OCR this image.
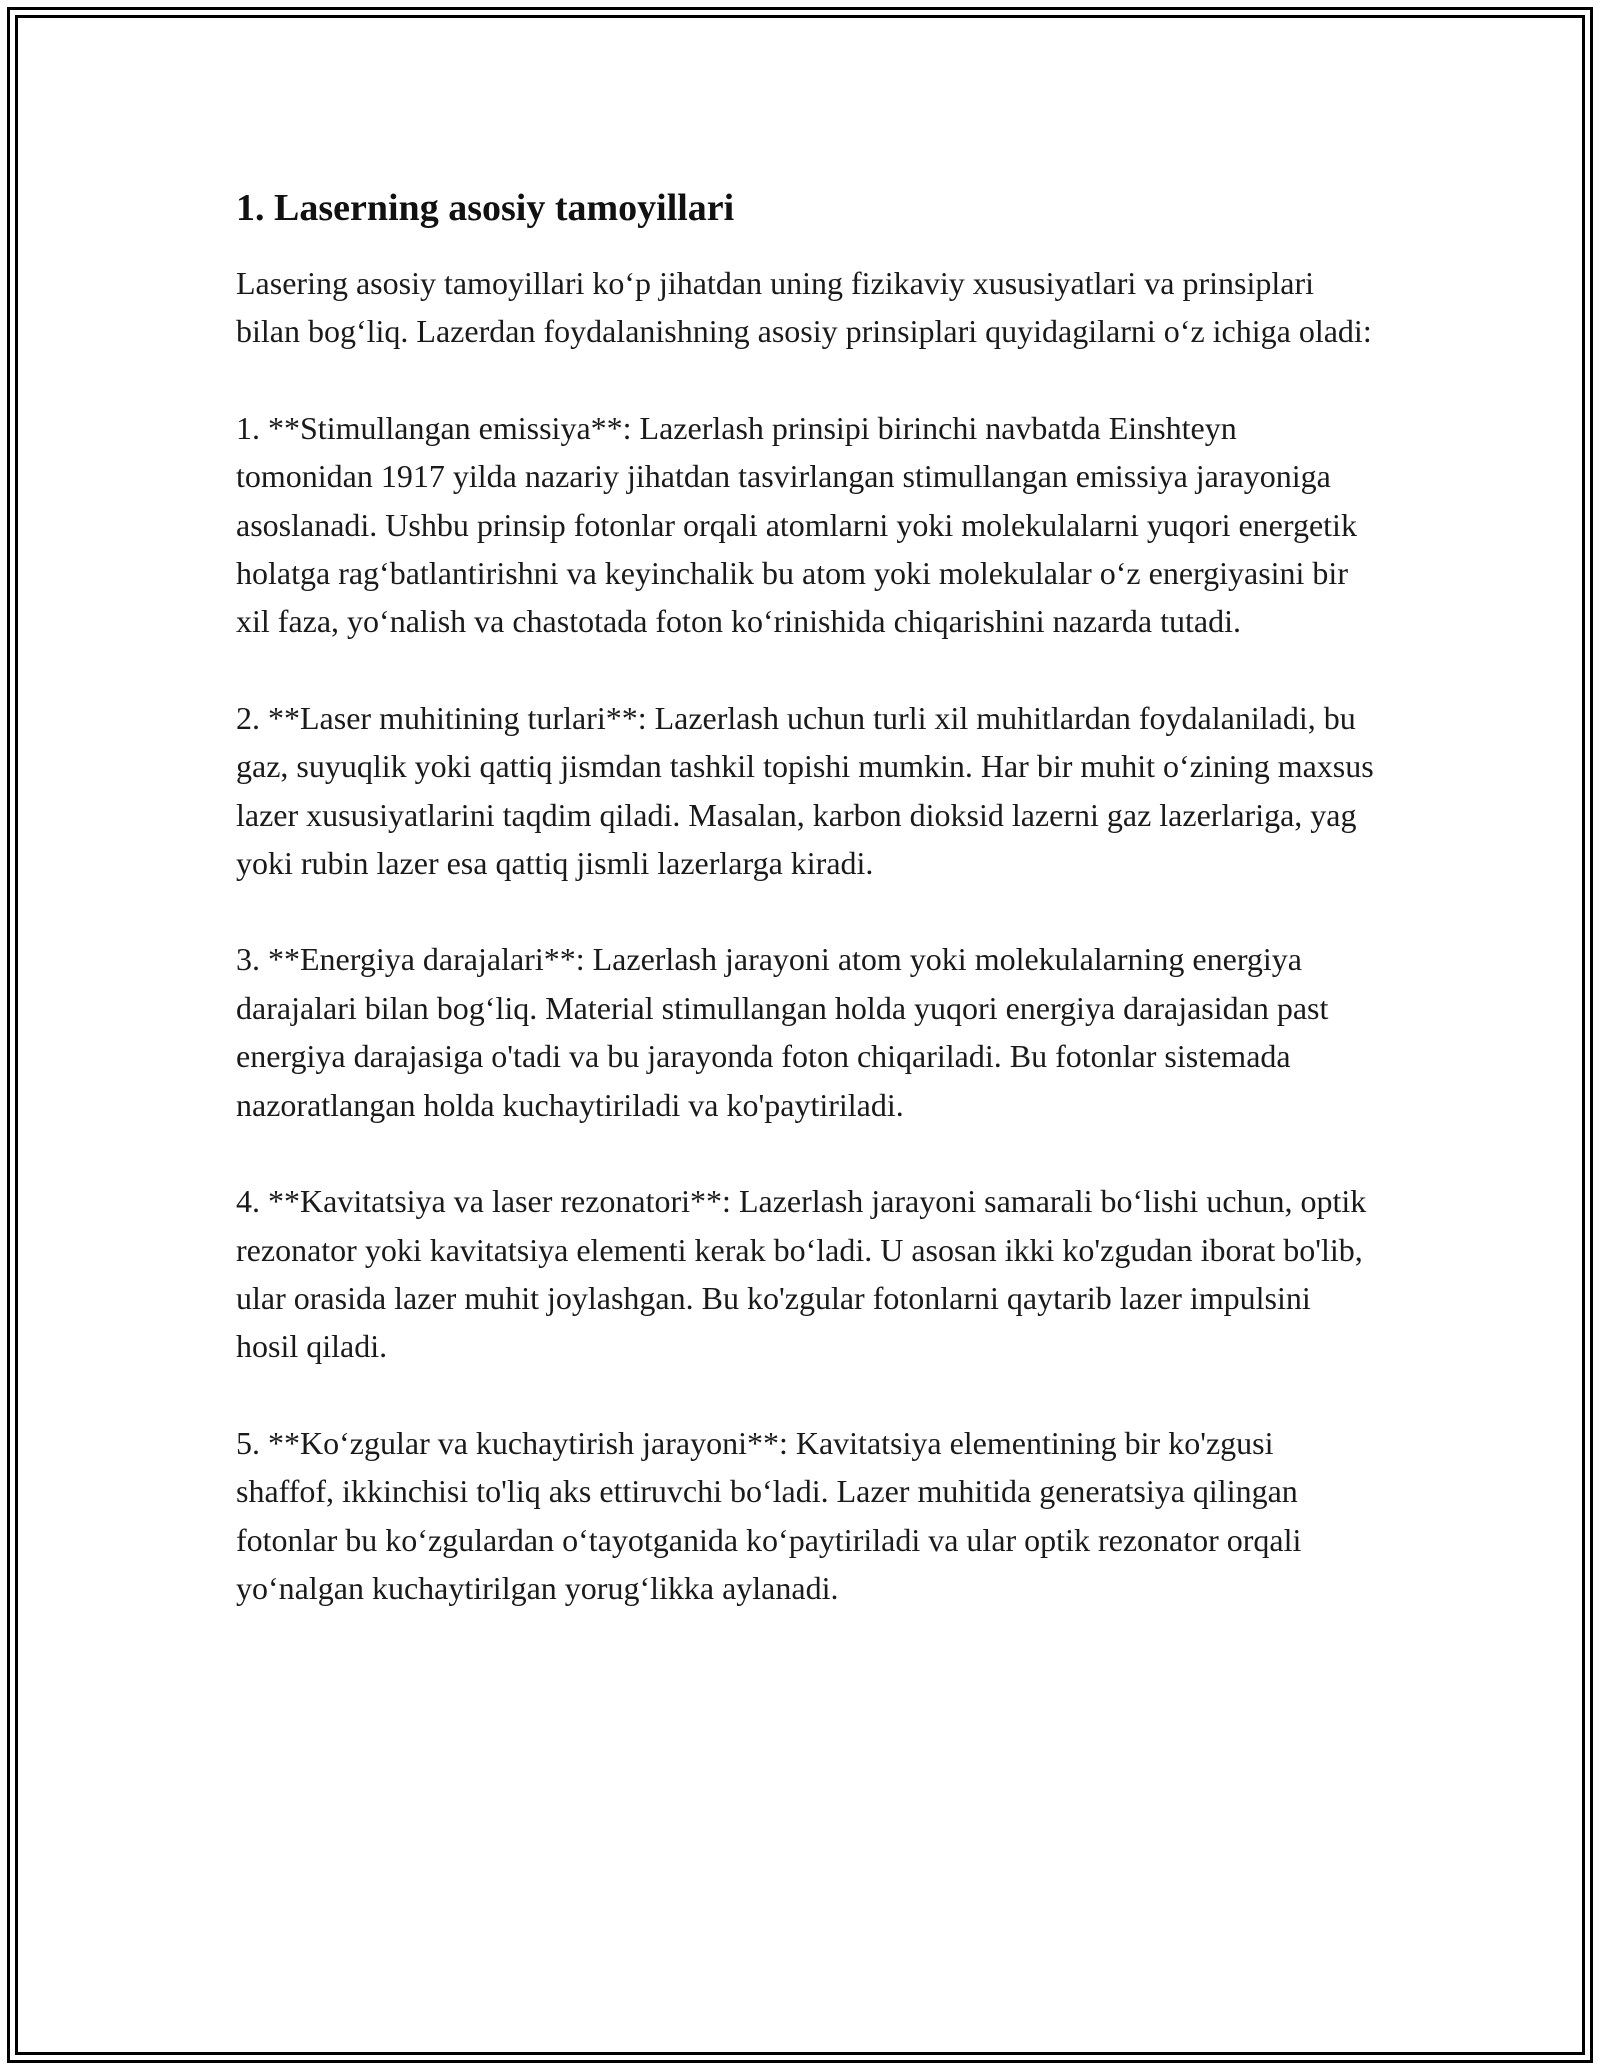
1. Laserning asosiy tamoyillari

Lasering asosiy tamoyillari ko‘p jihatdan uning fizikaviy xususiyatlari va prinsiplari bilan bog‘liq. Lazerdan foydalanishning asosiy prinsiplari quyidagilarni o‘z ichiga oladi:

1. **Stimullangan emissiya**: Lazerlash prinsipi birinchi navbatda Einshteyn tomonidan 1917 yilda nazariy jihatdan tasvirlangan stimullangan emissiya jarayoniga asoslanadi. Ushbu prinsip fotonlar orqali atomlarni yoki molekulalarni yuqori energetik holatga rag‘batlantirishni va keyinchalik bu atom yoki molekulalar o‘z energiyasini bir xil faza, yo‘nalish va chastotada foton ko‘rinishida chiqarishini nazarda tutadi.

2. **Laser muhitining turlari**: Lazerlash uchun turli xil muhitlardan foydalaniladi, bu gaz, suyuqlik yoki qattiq jismdan tashkil topishi mumkin. Har bir muhit o‘zining maxsus lazer xususiyatlarini taqdim qiladi. Masalan, karbon dioksid lazerni gaz lazerlariga, yag yoki rubin lazer esa qattiq jismli lazerlarga kiradi.

3. **Energiya darajalari**: Lazerlash jarayoni atom yoki molekulalarning energiya darajalari bilan bog‘liq. Material stimullangan holda yuqori energiya darajasidan past energiya darajasiga o'tadi va bu jarayonda foton chiqariladi. Bu fotonlar sistemada nazoratlangan holda kuchaytiriladi va ko'paytiriladi.

4. **Kavitatsiya va laser rezonatori**: Lazerlash jarayoni samarali bo‘lishi uchun, optik rezonator yoki kavitatsiya elementi kerak bo‘ladi. U asosan ikki ko'zgudan iborat bo'lib, ular orasida lazer muhit joylashgan. Bu ko'zgular fotonlarni qaytarib lazer impulsini hosil qiladi.

5. **Ko‘zgular va kuchaytirish jarayoni**: Kavitatsiya elementining bir ko'zgusi shaffof, ikkinchisi to'liq aks ettiruvchi bo‘ladi. Lazer muhitida generatsiya qilingan fotonlar bu ko‘zgulardan o‘tayotganida ko‘paytiriladi va ular optik rezonator orqali yo‘nalgan kuchaytirilgan yorug‘likka aylanadi.
